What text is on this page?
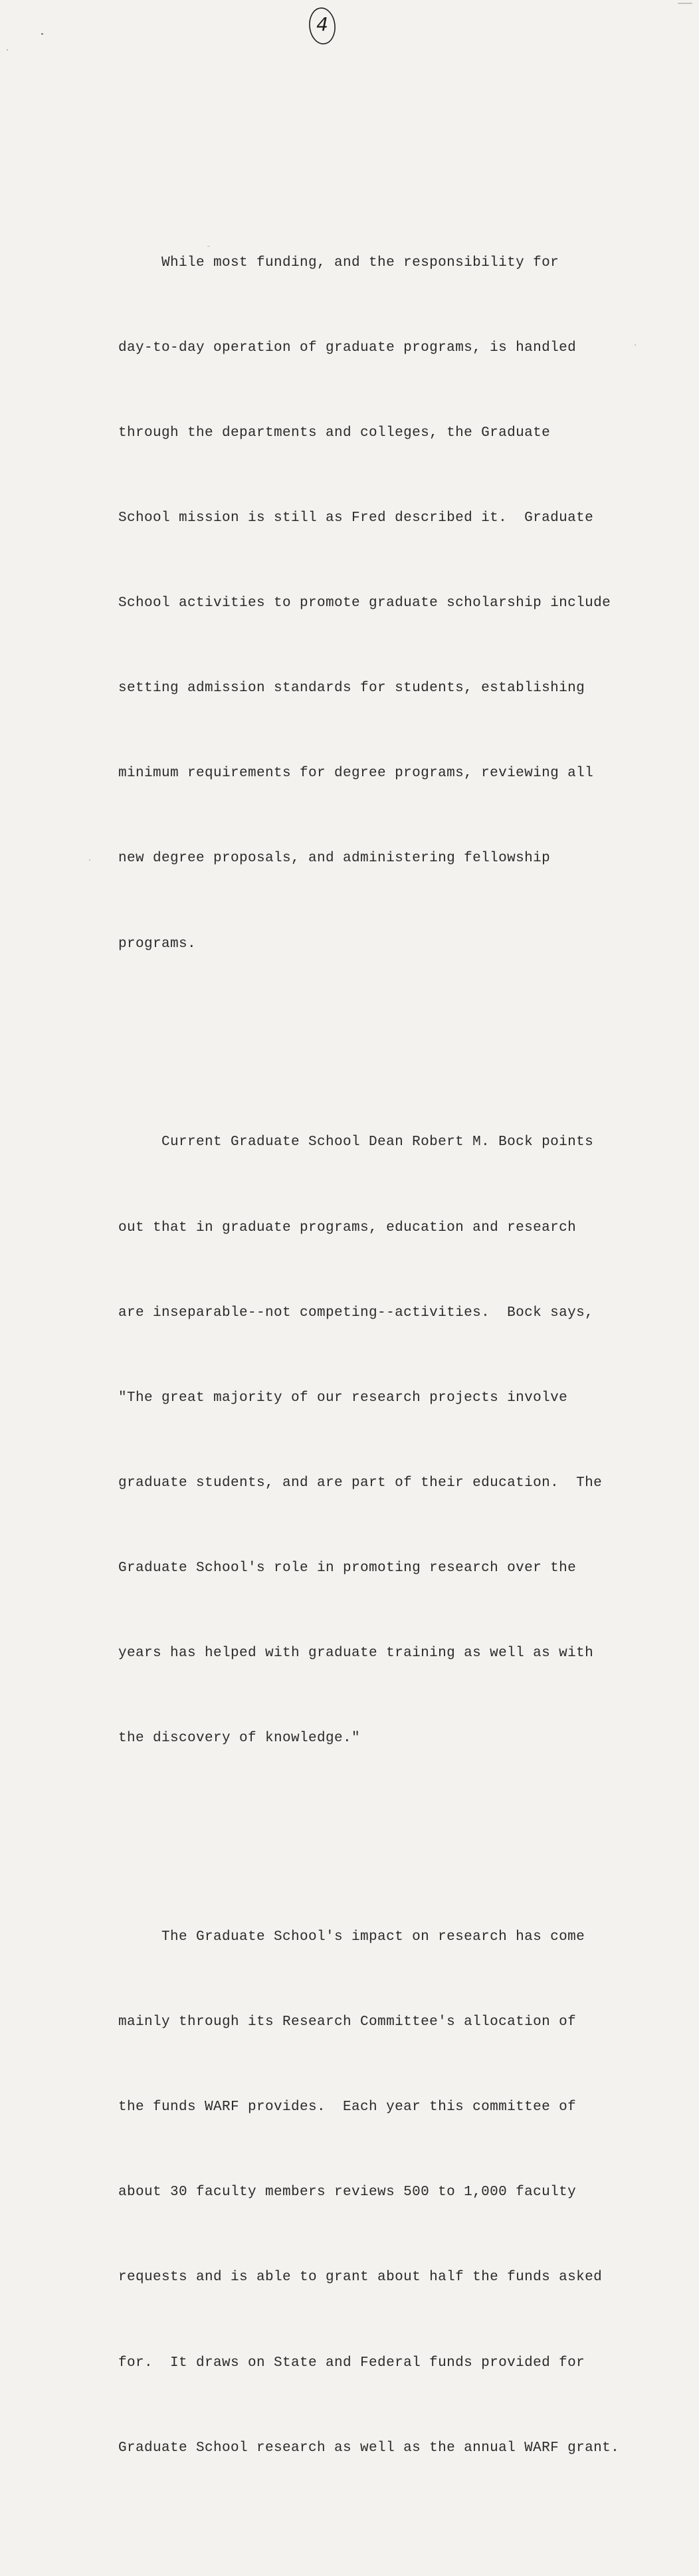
4

While most funding, and the responsibility for

day-to-day operation of graduate programs, is handled

through the departments and colleges, the Graduate

School mission is still as Fred described it.  Graduate

School activities to promote graduate scholarship include

setting admission standards for students, establishing

minimum requirements for degree programs, reviewing all

new degree proposals, and administering fellowship

programs.

Current Graduate School Dean Robert M. Bock points

out that in graduate programs, education and research

are inseparable--not competing--activities.  Bock says,

"The great majority of our research projects involve

graduate students, and are part of their education.  The

Graduate School's role in promoting research over the

years has helped with graduate training as well as with

the discovery of knowledge."

The Graduate School's impact on research has come

mainly through its Research Committee's allocation of

the funds WARF provides.  Each year this committee of

about 30 faculty members reviews 500 to 1,000 faculty

requests and is able to grant about half the funds asked

for.  It draws on State and Federal funds provided for

Graduate School research as well as the annual WARF grant.
